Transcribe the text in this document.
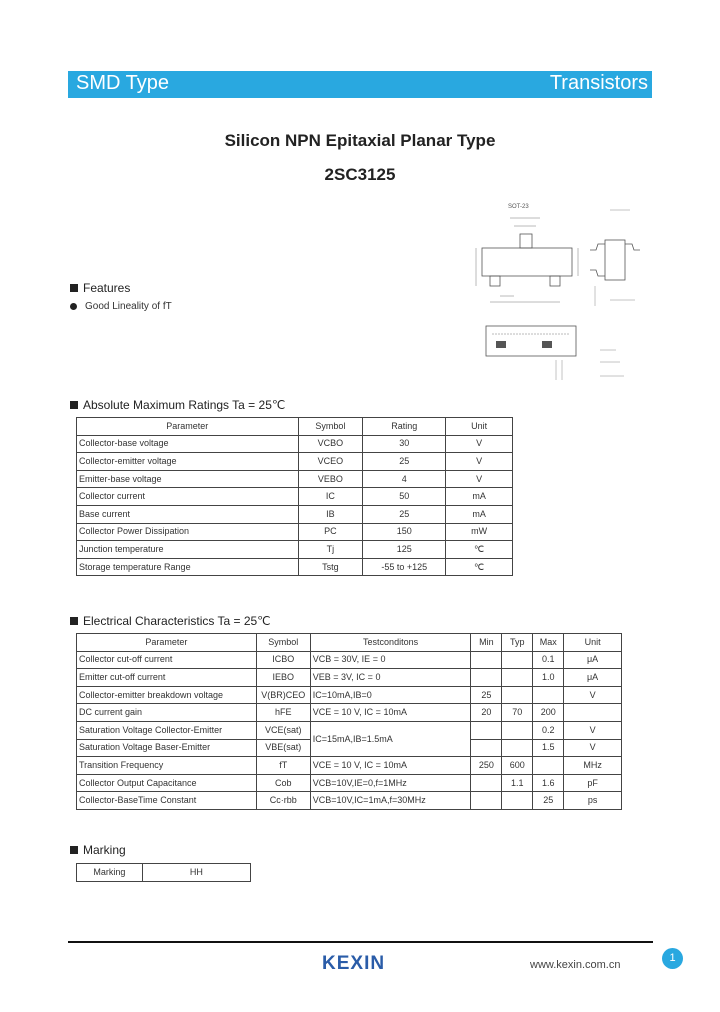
SMD Type	Transistors
Silicon NPN Epitaxial Planar Type
2SC3125
Features
Good Lineality of fT
SOT-23
Absolute Maximum Ratings Ta = 25℃
Parameter	Symbol	Rating	Unit
Collector-base voltage	VCBO	30	V
Collector-emitter voltage	VCEO	25	V
Emitter-base voltage	VEBO	4	V
Collector current	IC	50	mA
Base current	IB	25	mA
Collector Power Dissipation	PC	150	mW
Junction temperature	Tj	125	℃
Storage temperature Range	Tstg	-55 to +125	℃
Electrical Characteristics Ta = 25℃
Parameter	Symbol	Testconditons	Min	Typ	Max	Unit
Collector cut-off current	ICBO	VCB = 30V, IE = 0			0.1	μA
Emitter cut-off current	IEBO	VEB = 3V, IC = 0			1.0	μA
Collector-emitter breakdown voltage	V(BR)CEO	IC=10mA,IB=0	25			V
DC current gain	hFE	VCE = 10 V, IC = 10mA	20	70	200	
Saturation Voltage Collector-Emitter	VCE(sat)	IC=15mA,IB=1.5mA			0.2	V
Saturation Voltage Baser-Emitter	VBE(sat)				1.5	V
Transition Frequency	fT	VCE = 10 V, IC = 10mA	250	600		MHz
Collector Output Capacitance	Cob	VCB=10V,IE=0,f=1MHz		1.1	1.6	pF
Collector-BaseTime Constant	Cc·rbb	VCB=10V,IC=1mA,f=30MHz			25	ps
Marking
Marking	HH
KEXIN	www.kexin.com.cn
1
